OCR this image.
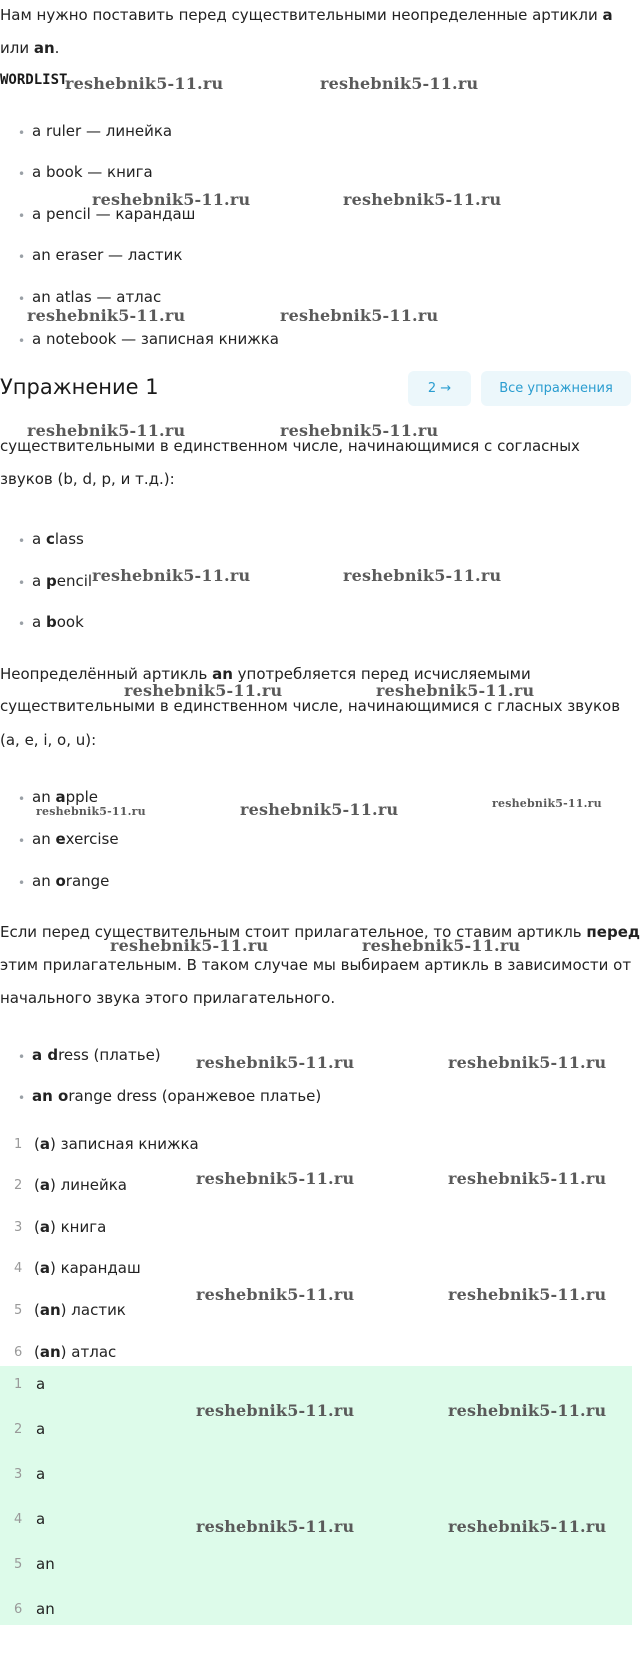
Нам нужно поставить перед существительными неопределенные артикли a

или an.

WORDLIST
• a ruler — линейка
• a book — книга
• a pencil — карандаш
• an eraser — ластик
• an atlas — атлас
• a notebook — записная книжка
Упражнение 1	2 →	Все упражнения

существительными в единственном числе, начинающимися с согласных

звуков (b, d, p, и т.д.):

• a class
• a pencil
• a book

Неопределённый артикль an употребляется перед исчисляемыми

существительными в единственном числе, начинающимися с гласных звуков

(a, e, i, o, u):

• an apple
• an exercise
• an orange

Если перед существительным стоит прилагательное, то ставим артикль перед

этим прилагательным. В таком случае мы выбираем артикль в зависимости от

начального звука этого прилагательного.

• a dress (платье)
• an orange dress (оранжевое платье)
1 (a) записная книжка
2 (a) линейка
3 (a) книга
4 (a) карандаш
5 (an) ластик
6 (an) атлас
1 a
2 a
3 a
4 a
5 an
6 an
reshebnik5-11.ru	reshebnik5-11.ru
reshebnik5-11.ru	reshebnik5-11.ru
reshebnik5-11.ru	reshebnik5-11.ru
reshebnik5-11.ru	reshebnik5-11.ru
reshebnik5-11.ru	reshebnik5-11.ru
reshebnik5-11.ru	reshebnik5-11.ru
reshebnik5-11.ru	reshebnik5-11.ru	reshebnik5-11.ru
reshebnik5-11.ru	reshebnik5-11.ru
reshebnik5-11.ru	reshebnik5-11.ru
reshebnik5-11.ru	reshebnik5-11.ru
reshebnik5-11.ru	reshebnik5-11.ru
reshebnik5-11.ru	reshebnik5-11.ru
reshebnik5-11.ru	reshebnik5-11.ru
